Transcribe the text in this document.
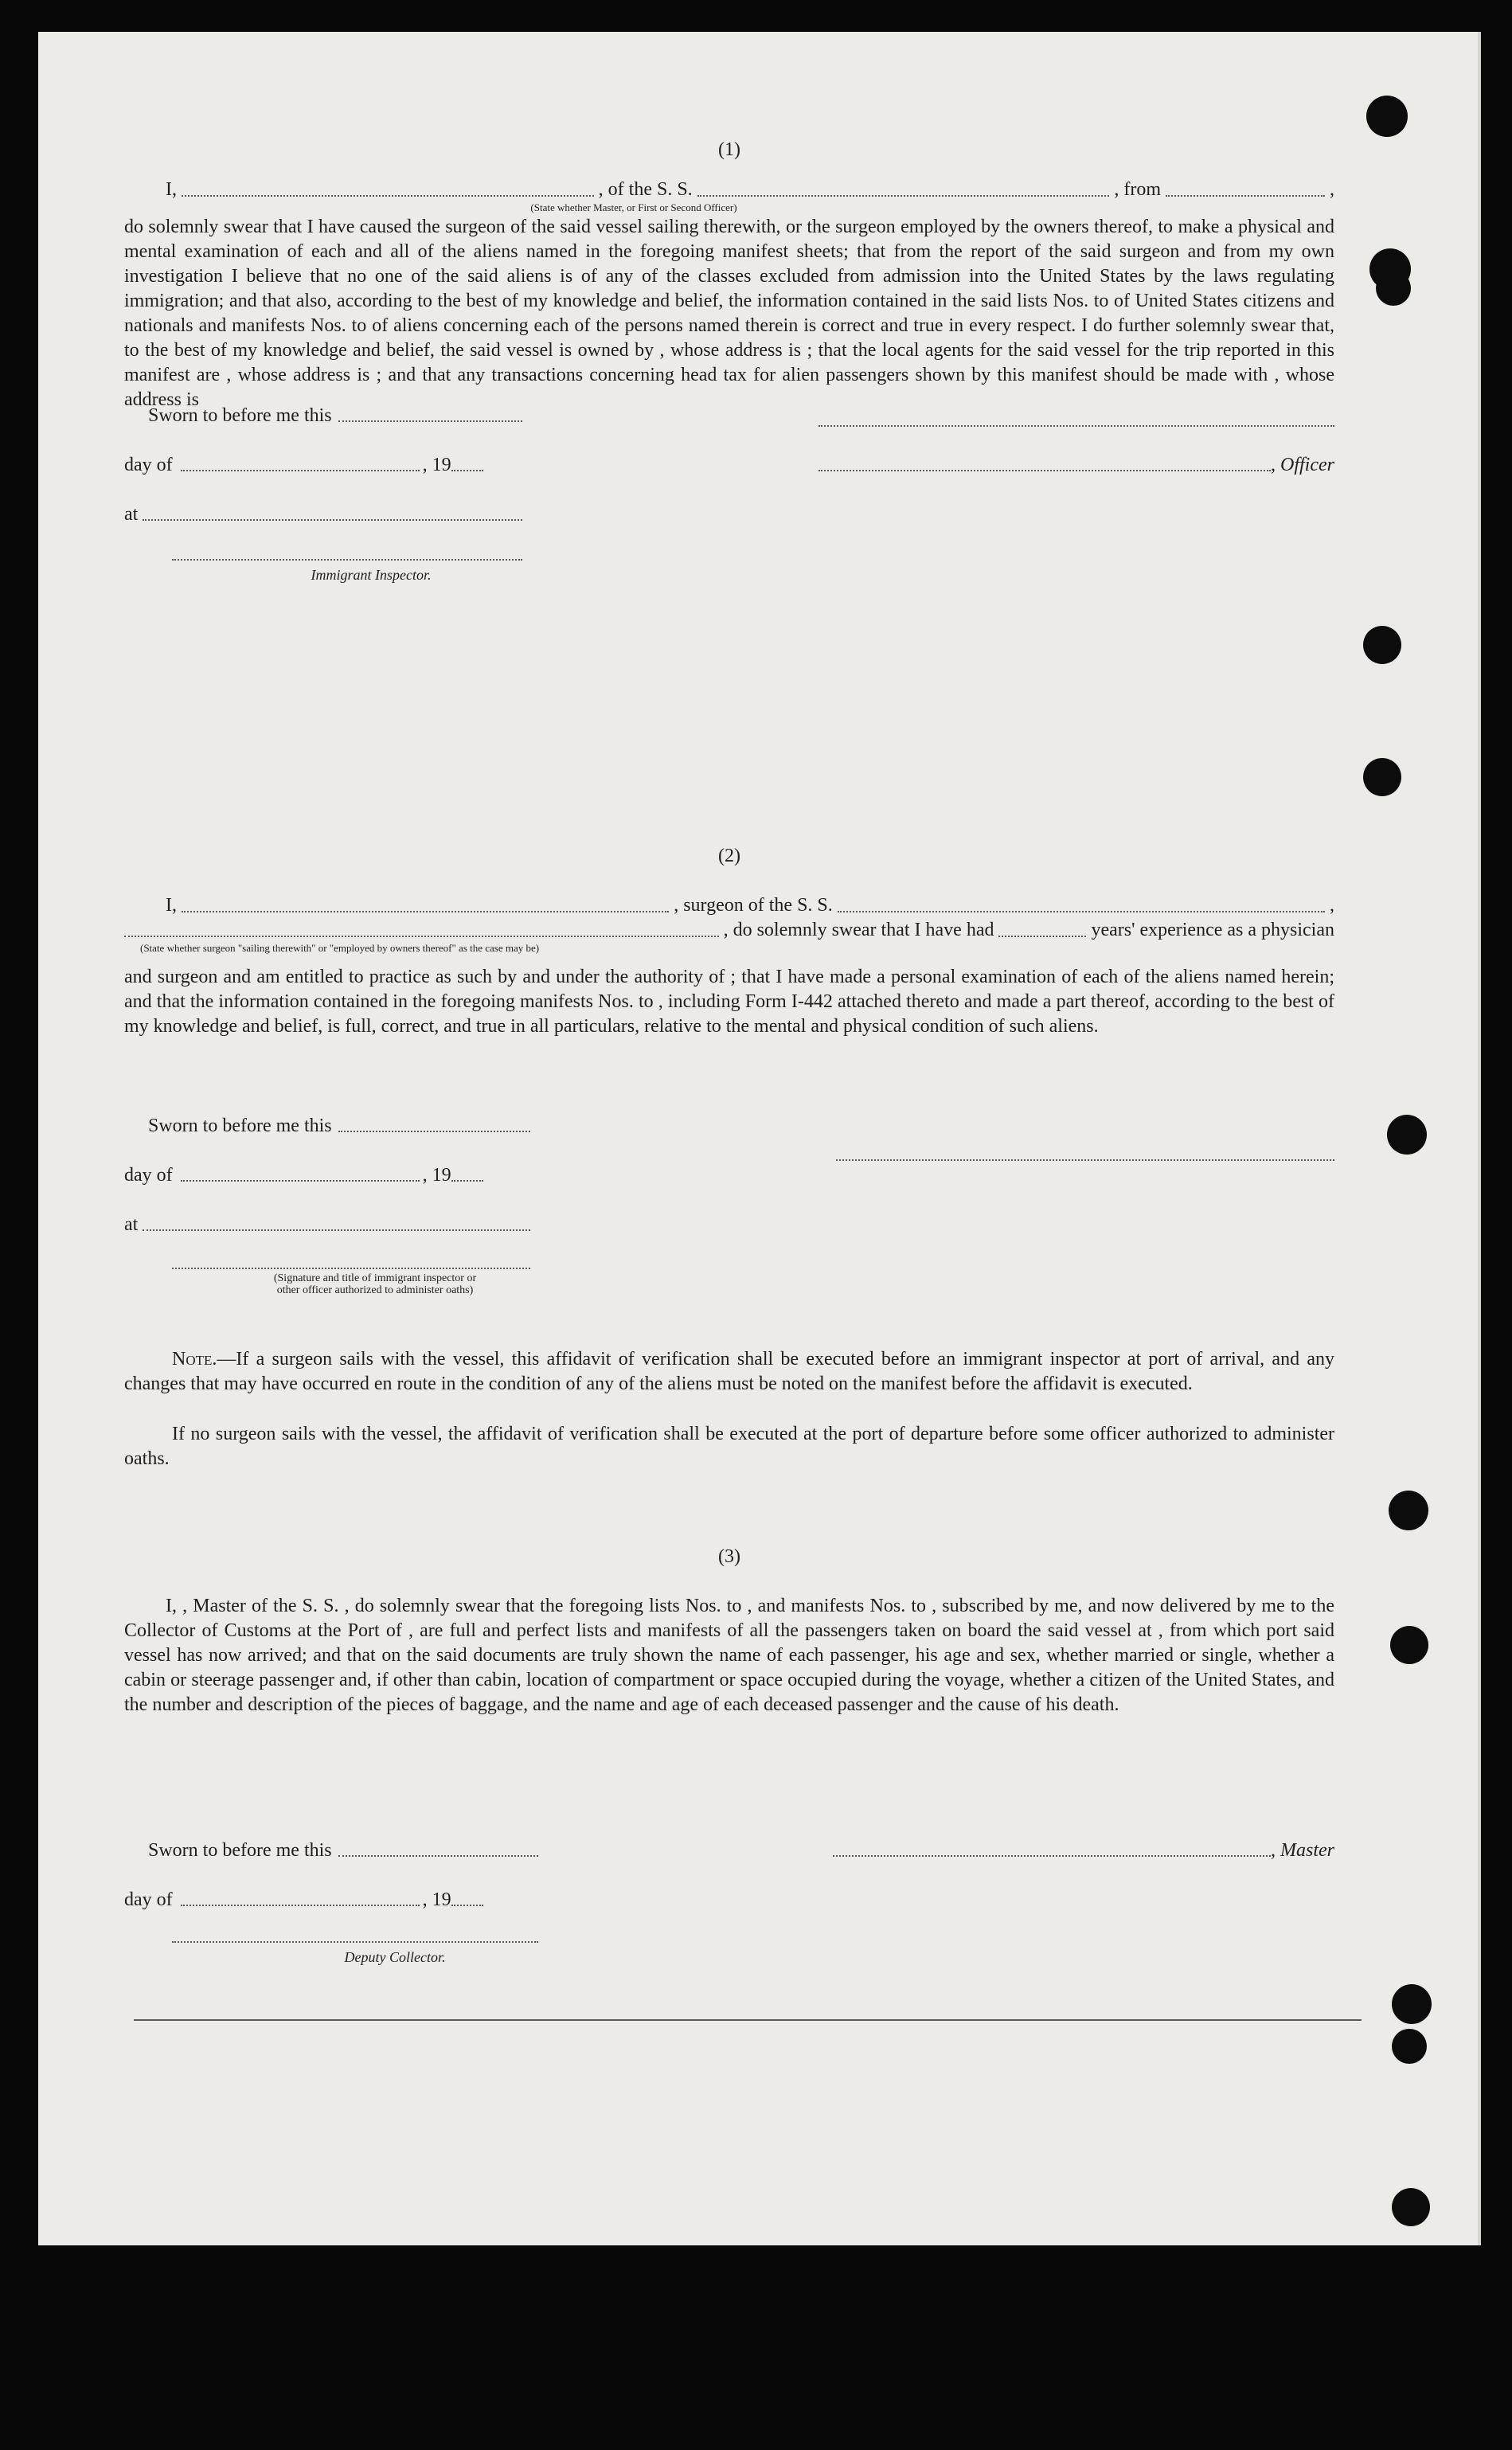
(1)
I,	, of the S. S.	, from	,
(State whether Master, or First or Second Officer)
do solemnly swear that I have caused the surgeon of the said vessel sailing therewith, or the surgeon employed by the owners thereof, to make a physical and mental examination of each and all of the aliens named in the foregoing manifest sheets; that from the report of the said surgeon and from my own investigation I believe that no one of the said aliens is of any of the classes excluded from admission into the United States by the laws regulating immigration; and that also, according to the best of my knowledge and belief, the information contained in the said lists Nos. to of United States citizens and nationals and manifests Nos. to of aliens concerning each of the persons named therein is correct and true in every respect. I do further solemnly swear that, to the best of my knowledge and belief, the said vessel is owned by , whose address is ; that the local agents for the said vessel for the trip reported in this manifest are , whose address is ; and that any transactions concerning head tax for alien passengers shown by this manifest should be made with , whose address is
Sworn to before me this
day of	, 19
at
Immigrant Inspector.
, Officer
(2)
I,	, surgeon of the S. S.	,
, do solemnly swear that I have had	years' experience as a physician
(State whether surgeon "sailing therewith" or "employed by owners thereof" as the case may be)
and surgeon and am entitled to practice as such by and under the authority of ; that I have made a personal examination of each of the aliens named herein; and that the information contained in the foregoing manifests Nos. to , including Form I-442 attached thereto and made a part thereof, according to the best of my knowledge and belief, is full, correct, and true in all particulars, relative to the mental and physical condition of such aliens.
Sworn to before me this
day of	, 19
at
(Signature and title of immigrant inspector or
other officer authorized to administer oaths)
Note.—If a surgeon sails with the vessel, this affidavit of verification shall be executed before an immigrant inspector at port of arrival, and any changes that may have occurred en route in the condition of any of the aliens must be noted on the manifest before the affidavit is executed.
If no surgeon sails with the vessel, the affidavit of verification shall be executed at the port of departure before some officer authorized to administer oaths.
(3)
I, , Master of the S. S. , do solemnly swear that the foregoing lists Nos. to , and manifests Nos. to , subscribed by me, and now delivered by me to the Collector of Customs at the Port of , are full and perfect lists and manifests of all the passengers taken on board the said vessel at , from which port said vessel has now arrived; and that on the said documents are truly shown the name of each passenger, his age and sex, whether married or single, whether a cabin or steerage passenger and, if other than cabin, location of compartment or space occupied during the voyage, whether a citizen of the United States, and the number and description of the pieces of baggage, and the name and age of each deceased passenger and the cause of his death.
Sworn to before me this
day of	, 19
Deputy Collector.
, Master
